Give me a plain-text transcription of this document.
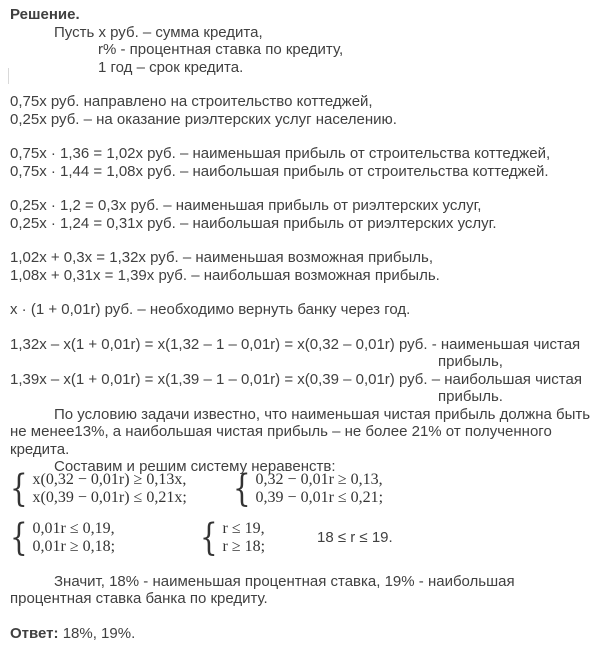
Решение.
Пусть x руб. – сумма кредита,
r% - процентная ставка по кредиту,
1 год – срок кредита.
0,75x руб. направлено на строительство коттеджей,
0,25x руб. – на оказание риэлтерских услуг населению.
0,75x · 1,36 = 1,02x руб. – наименьшая прибыль от строительства коттеджей,
0,75x · 1,44 = 1,08x руб. – наибольшая прибыль от строительства коттеджей.
0,25x · 1,2 = 0,3x руб. – наименьшая прибыль от риэлтерских услуг,
0,25x · 1,24 = 0,31x руб. – наибольшая прибыль от риэлтерских услуг.
1,02x + 0,3x = 1,32x руб. – наименьшая возможная прибыль,
1,08x + 0,31x = 1,39x руб. – наибольшая возможная прибыль.
x · (1 + 0,01r) руб. – необходимо вернуть банку через год.
1,32x – x(1 + 0,01r) = x(1,32 – 1 – 0,01r) = x(0,32 – 0,01r) руб. - наименьшая чистая
прибыль,
1,39x – x(1 + 0,01r) = x(1,39 – 1 – 0,01r) = x(0,39 – 0,01r) руб. – наибольшая чистая
прибыль.
По условию задачи известно, что наименьшая чистая прибыль должна быть
не менее13%, а наибольшая чистая прибыль – не более 21% от полученного
кредита.
Составим и решим систему неравенств:
{ x(0,32 − 0,01r) ≥ 0,13x,
x(0,39 − 0,01r) ≤ 0,21x; { 0,32 − 0,01r ≥ 0,13,
0,39 − 0,01r ≤ 0,21;
{ 0,01r ≤ 0,19,
0,01r ≥ 0,18; { r ≤ 19,
r ≥ 18;
18 ≤ r ≤ 19.
Значит, 18% - наименьшая процентная ставка, 19% - наибольшая
процентная ставка банка по кредиту.
Ответ: 18%, 19%.
